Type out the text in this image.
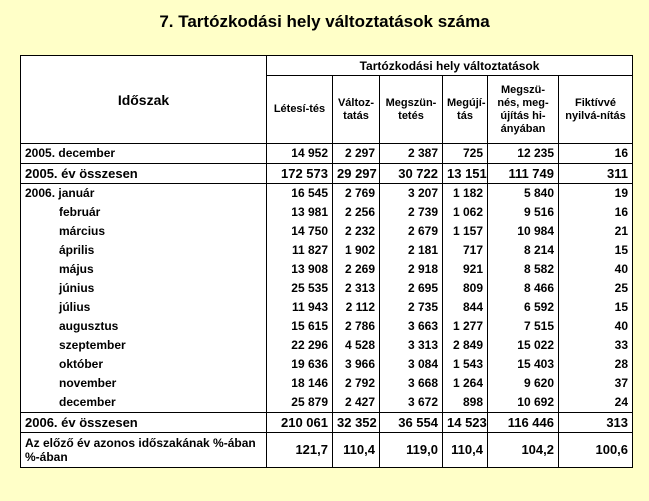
7. Tartózkodási hely változtatások száma
Időszak	Tartózkodási hely változtatások					
	Létesí-tés	Változ-tatás	Megszün-tetés	Megújí-tás	Megszü-nés, meg-újítás hi-ányában	Fiktívvé nyilvá-nítás
2005. december	14 952	2 297	2 387	725	12 235	16
2005. év összesen	172 573	29 297	30 722	13 151	111 749	311
2006. január	16 545	2 769	3 207	1 182	5 840	19
február	13 981	2 256	2 739	1 062	9 516	16
március	14 750	2 232	2 679	1 157	10 984	21
április	11 827	1 902	2 181	717	8 214	15
május	13 908	2 269	2 918	921	8 582	40
június	25 535	2 313	2 695	809	8 466	25
július	11 943	2 112	2 735	844	6 592	15
augusztus	15 615	2 786	3 663	1 277	7 515	40
szeptember	22 296	4 528	3 313	2 849	15 022	33
október	19 636	3 966	3 084	1 543	15 403	28
november	18 146	2 792	3 668	1 264	9 620	37
december	25 879	2 427	3 672	898	10 692	24
2006. év összesen	210 061	32 352	36 554	14 523	116 446	313
Az előző év azonos időszakának %-ában %-ában	121,7	110,4	119,0	110,4	104,2	100,6
